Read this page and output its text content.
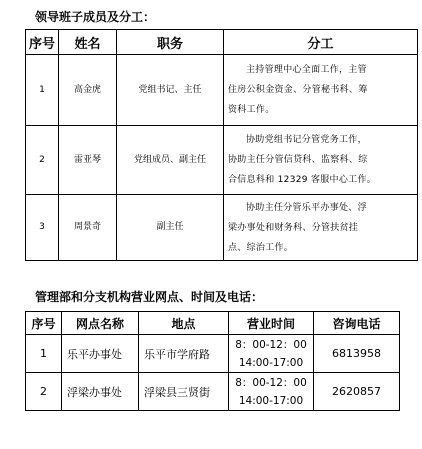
领导班子成员及分工：
序号	姓名	职务	分工
1	高金虎	党组书记、主任	主持管理中心全面工作，主管
住房公积金资金、分管秘书科、筹
资科工作。

2	雷亚琴	党组成员、副主任	协助党组书记分管党务工作，
协助主任分管信贷科、监察科、综
合信息科和 12329 客服中心工作。

3	周景奇	副主任	协助主任分管乐平办事处、浮
梁办事处和财务科、分管扶贫挂
点、综治工作。
管理部和分支机构营业网点、时间及电话：
序号	网点名称	地点	营业时间	咨询电话
1	乐平办事处	乐平市学府路	8：00-12：00
14:00-17:00	6813958
2	浮梁办事处	浮梁县三贤街	8：00-12：00
14:00-17:00	2620857
